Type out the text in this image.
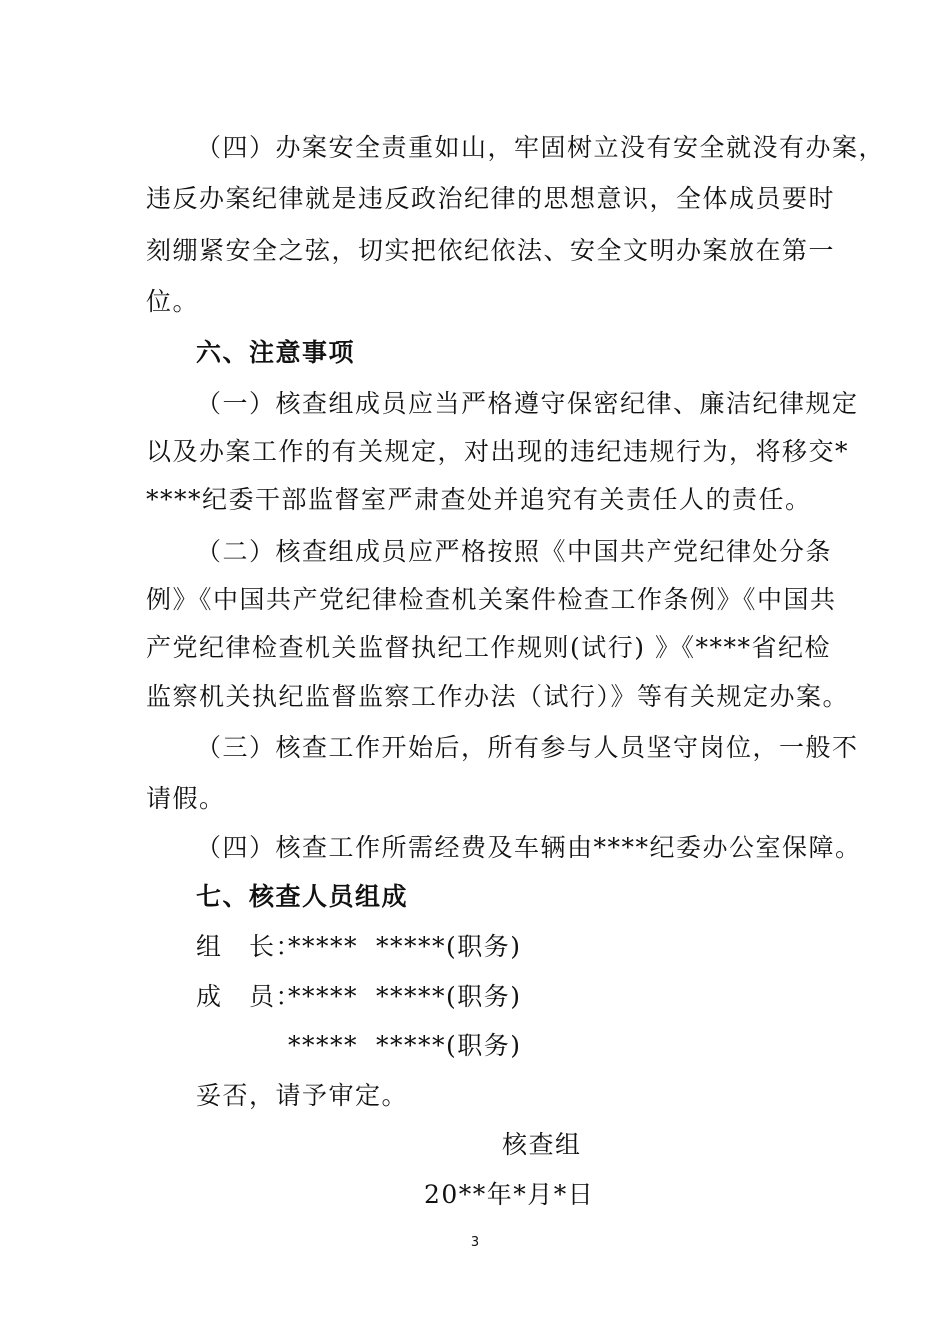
（四）办案安全责重如山，牢固树立没有安全就没有办案，
违反办案纪律就是违反政治纪律的思想意识，全体成员要时
刻绷紧安全之弦，切实把依纪依法、安全文明办案放在第一
位。
六、注意事项
（一）核查组成员应当严格遵守保密纪律、廉洁纪律规定
以及办案工作的有关规定，对出现的违纪违规行为，将移交*
****纪委干部监督室严肃查处并追究有关责任人的责任。
（二）核查组成员应严格按照《中国共产党纪律处分条
例》《中国共产党纪律检查机关案件检查工作条例》《中国共
产党纪律检查机关监督执纪工作规则(试行) 》《****省纪检
监察机关执纪监督监察工作办法（试行）》等有关规定办案。
（三）核查工作开始后，所有参与人员坚守岗位，一般不
请假。
（四）核查工作所需经费及车辆由****纪委办公室保障。
七、核查人员组成
组　长：***** *****(职务)
成　员：***** *****(职务)
***** *****(职务)
妥否，请予审定。
核查组
20**年*月*日
3
